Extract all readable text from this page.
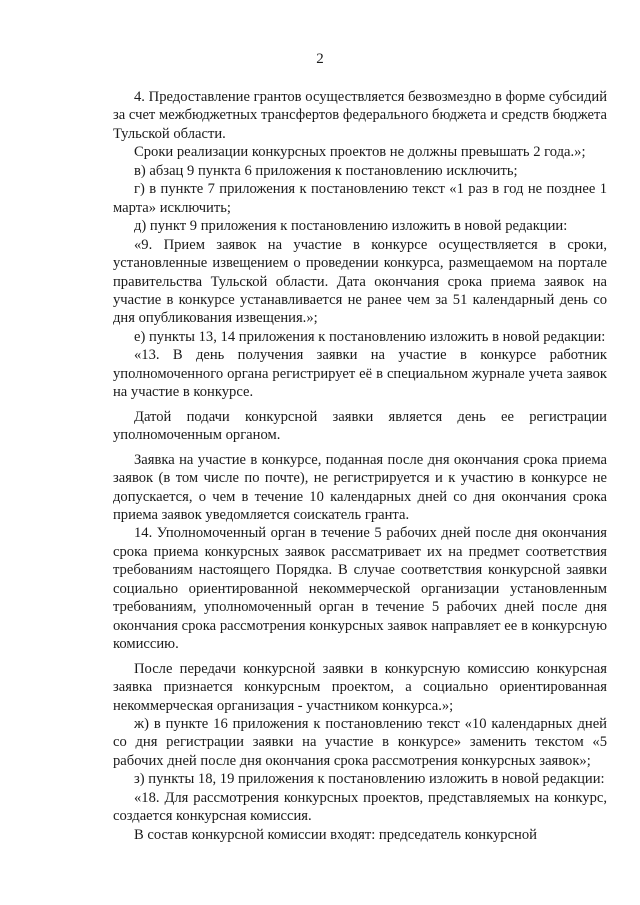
2

4. Предоставление грантов осуществляется безвозмездно в форме субсидий за счет межбюджетных трансфертов федерального бюджета и средств бюджета Тульской области.

Сроки реализации конкурсных проектов не должны превышать 2 года.»;

в) абзац 9 пункта 6 приложения к постановлению исключить;

г) в пункте 7 приложения к постановлению текст «1 раз в год не позднее 1 марта» исключить;

д) пункт 9 приложения к постановлению изложить в новой редакции:

«9. Прием заявок на участие в конкурсе осуществляется в сроки, установленные извещением о проведении конкурса, размещаемом на портале правительства Тульской области. Дата окончания срока приема заявок на участие в конкурсе устанавливается не ранее чем за 51 календарный день со дня опубликования извещения.»;

е) пункты 13, 14 приложения к постановлению изложить в новой редакции:

«13. В день получения заявки на участие в конкурсе работник уполномоченного органа регистрирует её в специальном журнале учета заявок на участие в конкурсе.

Датой подачи конкурсной заявки является день ее регистрации уполномоченным органом.

Заявка на участие в конкурсе, поданная после дня окончания срока приема заявок (в том числе по почте), не регистрируется и к участию в конкурсе не допускается, о чем в течение 10 календарных дней со дня окончания срока приема заявок уведомляется соискатель гранта.

14. Уполномоченный орган в течение 5 рабочих дней после дня окончания срока приема конкурсных заявок рассматривает их на предмет соответствия требованиям настоящего Порядка. В случае соответствия конкурсной заявки социально ориентированной некоммерческой организации установленным требованиям, уполномоченный орган в течение 5 рабочих дней после дня окончания срока рассмотрения конкурсных заявок направляет ее в конкурсную комиссию.

После передачи конкурсной заявки в конкурсную комиссию конкурсная заявка признается конкурсным проектом, а социально ориентированная некоммерческая организация - участником конкурса.»;

ж) в пункте 16 приложения к постановлению текст «10 календарных дней со дня регистрации заявки на участие в конкурсе» заменить текстом «5 рабочих дней после дня окончания срока рассмотрения конкурсных заявок»;

з) пункты 18, 19 приложения к постановлению изложить в новой редакции:

«18. Для рассмотрения конкурсных проектов, представляемых на конкурс, создается конкурсная комиссия.

В состав конкурсной комиссии входят: председатель конкурсной
